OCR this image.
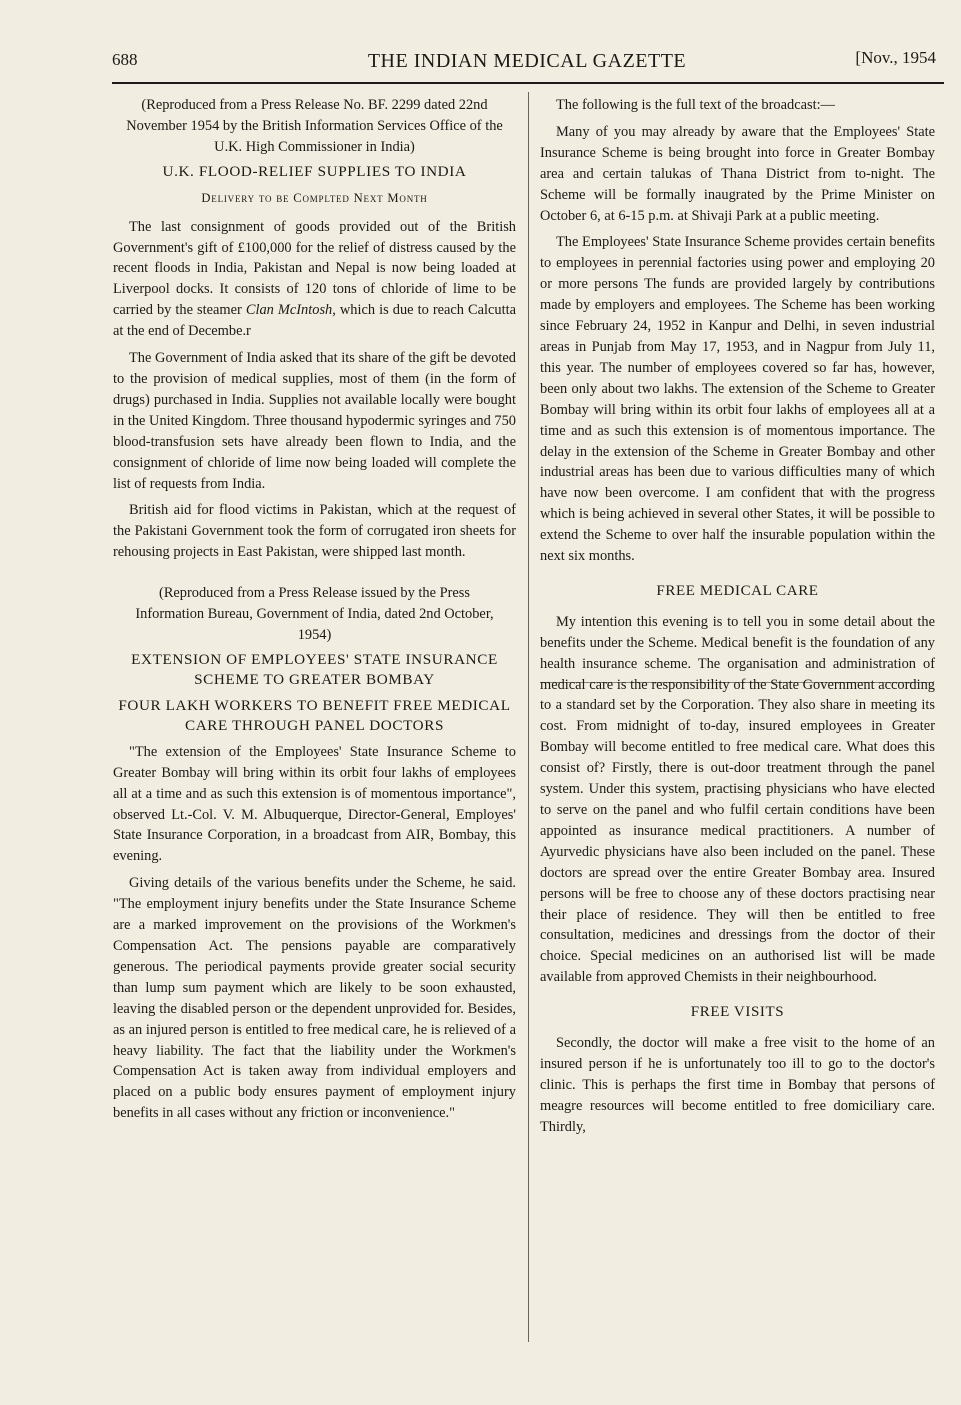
688	THE INDIAN MEDICAL GAZETTE	[Nov., 1954

(Reproduced from a Press Release No. BF. 2299 dated 22nd November 1954 by the British Information Services Office of the U.K. High Commissioner in India)

U.K. FLOOD-RELIEF SUPPLIES TO INDIA

Delivery to be Complted Next Month

The last consignment of goods provided out of the British Government's gift of £100,000 for the relief of distress caused by the recent floods in India, Pakistan and Nepal is now being loaded at Liverpool docks. It consists of 120 tons of chloride of lime to be carried by the steamer Clan McIntosh, which is due to reach Calcutta at the end of Decembe.r

The Government of India asked that its share of the gift be devoted to the provision of medical supplies, most of them (in the form of drugs) purchased in India. Supplies not available locally were bought in the United Kingdom. Three thousand hypodermic syringes and 750 blood-transfusion sets have already been flown to India, and the consignment of chloride of lime now being loaded will complete the list of requests from India.

British aid for flood victims in Pakistan, which at the request of the Pakistani Government took the form of corrugated iron sheets for rehousing projects in East Pakistan, were shipped last month.

(Reproduced from a Press Release issued by the Press Information Bureau, Government of India, dated 2nd October, 1954)

EXTENSION OF EMPLOYEES' STATE INSURANCE SCHEME TO GREATER BOMBAY

FOUR LAKH WORKERS TO BENEFIT FREE MEDICAL CARE THROUGH PANEL DOCTORS

"The extension of the Employees' State Insurance Scheme to Greater Bombay will bring within its orbit four lakhs of employees all at a time and as such this extension is of momentous importance", observed Lt.-Col. V. M. Albuquerque, Director-General, Employes' State Insurance Corporation, in a broadcast from AIR, Bombay, this evening.

Giving details of the various benefits under the Scheme, he said. "The employment injury benefits under the State Insurance Scheme are a marked improvement on the provisions of the Workmen's Compensation Act. The pensions payable are comparatively generous. The periodical payments provide greater social security than lump sum payment which are likely to be soon exhausted, leaving the disabled person or the dependent unprovided for. Besides, as an injured person is entitled to free medical care, he is relieved of a heavy liability. The fact that the liability under the Workmen's Compensation Act is taken away from individual employers and placed on a public body ensures payment of employment injury benefits in all cases without any friction or inconvenience."

The following is the full text of the broadcast:—

Many of you may already by aware that the Employees' State Insurance Scheme is being brought into force in Greater Bombay area and certain talukas of Thana District from to-night. The Scheme will be formally inaugrated by the Prime Minister on October 6, at 6-15 p.m. at Shivaji Park at a public meeting.

The Employees' State Insurance Scheme provides certain benefits to employees in perennial factories using power and employing 20 or more persons The funds are provided largely by contributions made by employers and employees. The Scheme has been working since February 24, 1952 in Kanpur and Delhi, in seven industrial areas in Punjab from May 17, 1953, and in Nagpur from July 11, this year. The number of employees covered so far has, however, been only about two lakhs. The extension of the Scheme to Greater Bombay will bring within its orbit four lakhs of employees all at a time and as such this extension is of momentous importance. The delay in the extension of the Scheme in Greater Bombay and other industrial areas has been due to various difficulties many of which have now been overcome. I am confident that with the progress which is being achieved in several other States, it will be possible to extend the Scheme to over half the insurable population within the next six months.

FREE MEDICAL CARE

My intention this evening is to tell you in some detail about the benefits under the Scheme. Medical benefit is the foundation of any health insurance scheme. The organisation and administration of medical care is the responsibility of the State Government according to a standard set by the Corporation. They also share in meeting its cost. From midnight of to-day, insured employees in Greater Bombay will become entitled to free medical care. What does this consist of? Firstly, there is out-door treatment through the panel system. Under this system, practising physicians who have elected to serve on the panel and who fulfil certain conditions have been appointed as insurance medical practitioners. A number of Ayurvedic physicians have also been included on the panel. These doctors are spread over the entire Greater Bombay area. Insured persons will be free to choose any of these doctors practising near their place of residence. They will then be entitled to free consultation, medicines and dressings from the doctor of their choice. Special medicines on an authorised list will be made available from approved Chemists in their neighbourhood.

FREE VISITS

Secondly, the doctor will make a free visit to the home of an insured person if he is unfortunately too ill to go to the doctor's clinic. This is perhaps the first time in Bombay that persons of meagre resources will become entitled to free domiciliary care. Thirdly,
